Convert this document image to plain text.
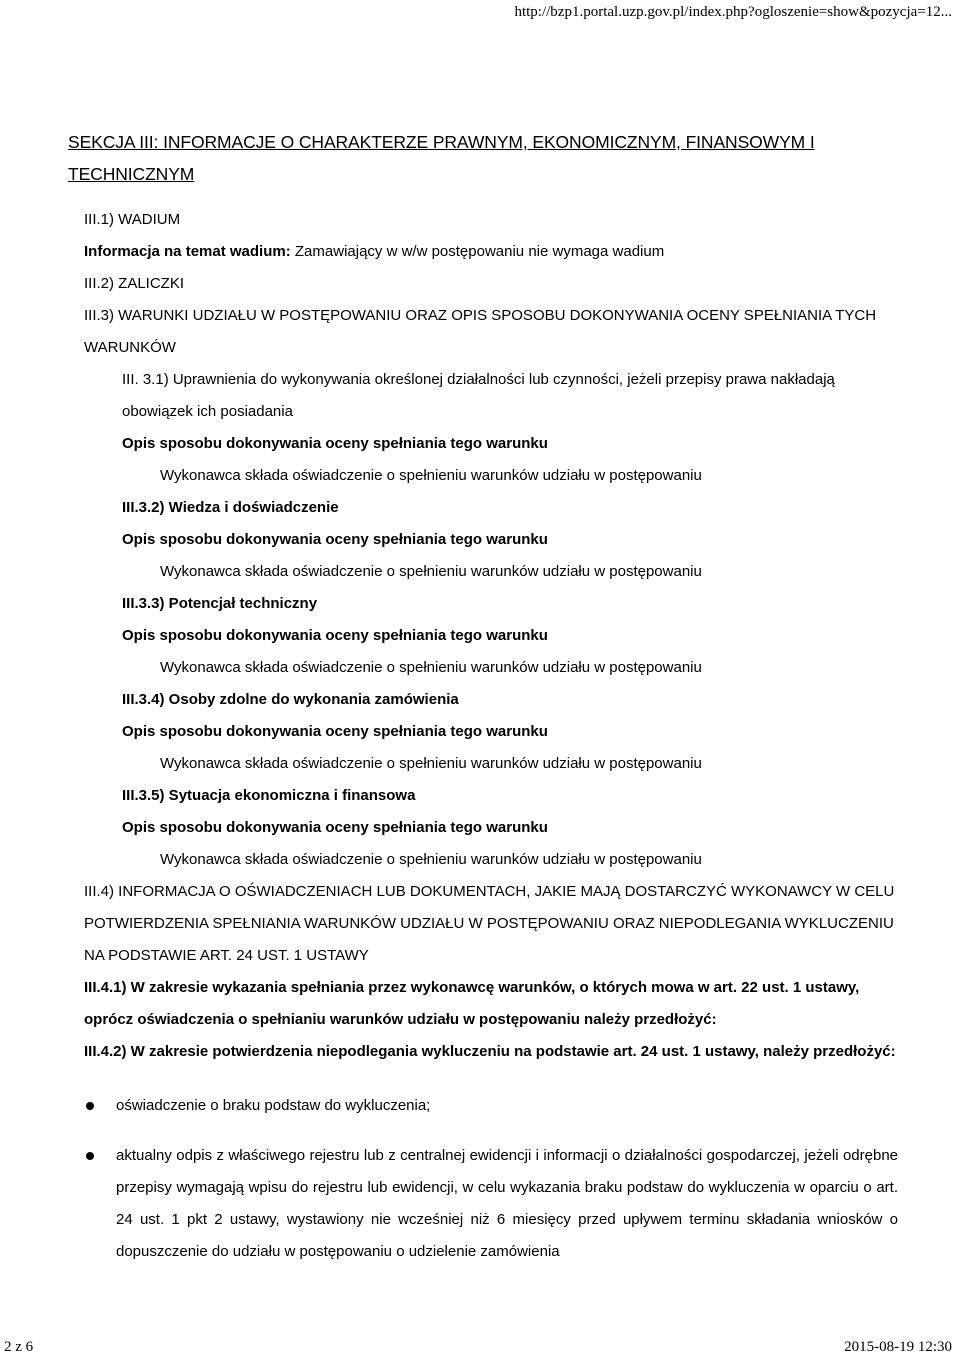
http://bzp1.portal.uzp.gov.pl/index.php?ogloszenie=show&pozycja=12...
SEKCJA III: INFORMACJE O CHARAKTERZE PRAWNYM, EKONOMICZNYM, FINANSOWYM I TECHNICZNYM
III.1) WADIUM
Informacja na temat wadium: Zamawiający w w/w postępowaniu nie wymaga wadium
III.2) ZALICZKI
III.3) WARUNKI UDZIAŁU W POSTĘPOWANIU ORAZ OPIS SPOSOBU DOKONYWANIA OCENY SPEŁNIANIA TYCH WARUNKÓW
III. 3.1) Uprawnienia do wykonywania określonej działalności lub czynności, jeżeli przepisy prawa nakładają obowiązek ich posiadania
Opis sposobu dokonywania oceny spełniania tego warunku
Wykonawca składa oświadczenie o spełnieniu warunków udziału w postępowaniu
III.3.2) Wiedza i doświadczenie
Opis sposobu dokonywania oceny spełniania tego warunku
Wykonawca składa oświadczenie o spełnieniu warunków udziału w postępowaniu
III.3.3) Potencjał techniczny
Opis sposobu dokonywania oceny spełniania tego warunku
Wykonawca składa oświadczenie o spełnieniu warunków udziału w postępowaniu
III.3.4) Osoby zdolne do wykonania zamówienia
Opis sposobu dokonywania oceny spełniania tego warunku
Wykonawca składa oświadczenie o spełnieniu warunków udziału w postępowaniu
III.3.5) Sytuacja ekonomiczna i finansowa
Opis sposobu dokonywania oceny spełniania tego warunku
Wykonawca składa oświadczenie o spełnieniu warunków udziału w postępowaniu
III.4) INFORMACJA O OŚWIADCZENIACH LUB DOKUMENTACH, JAKIE MAJĄ DOSTARCZYĆ WYKONAWCY W CELU POTWIERDZENIA SPEŁNIANIA WARUNKÓW UDZIAŁU W POSTĘPOWANIU ORAZ NIEPODLEGANIA WYKLUCZENIU NA PODSTAWIE ART. 24 UST. 1 USTAWY
III.4.1) W zakresie wykazania spełniania przez wykonawcę warunków, o których mowa w art. 22 ust. 1 ustawy, oprócz oświadczenia o spełnianiu warunków udziału w postępowaniu należy przedłożyć:
III.4.2) W zakresie potwierdzenia niepodlegania wykluczeniu na podstawie art. 24 ust. 1 ustawy, należy przedłożyć:
oświadczenie o braku podstaw do wykluczenia;
aktualny odpis z właściwego rejestru lub z centralnej ewidencji i informacji o działalności gospodarczej, jeżeli odrębne przepisy wymagają wpisu do rejestru lub ewidencji, w celu wykazania braku podstaw do wykluczenia w oparciu o art. 24 ust. 1 pkt 2 ustawy, wystawiony nie wcześniej niż 6 miesięcy przed upływem terminu składania wniosków o dopuszczenie do udziału w postępowaniu o udzielenie zamówienia
2 z 6	2015-08-19 12:30
